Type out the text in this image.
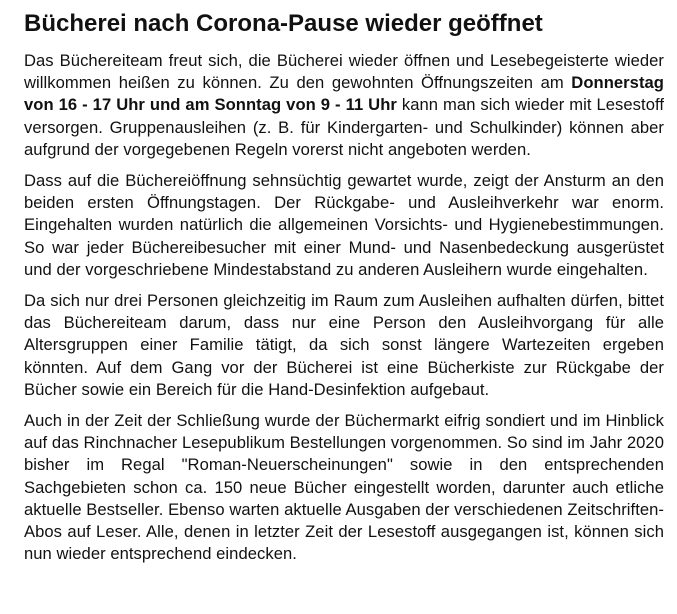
Bücherei nach Corona-Pause wieder geöffnet

Das Büchereiteam freut sich, die Bücherei wieder öffnen und Lesebegeisterte wieder willkommen heißen zu können. Zu den gewohnten Öffnungszeiten am Donnerstag von 16 - 17 Uhr und am Sonntag von 9 - 11 Uhr kann man sich wieder mit Lesestoff versorgen. Gruppenausleihen (z. B. für Kindergarten- und Schulkinder) können aber aufgrund der vorgegebenen Regeln vorerst nicht angeboten werden.

Dass auf die Büchereiöffnung sehnsüchtig gewartet wurde, zeigt der Ansturm an den beiden ersten Öffnungstagen. Der Rückgabe- und Ausleihverkehr war enorm. Eingehalten wurden natürlich die allgemeinen Vorsichts- und Hygienebestimmungen. So war jeder Büchereibesucher mit einer Mund- und Nasenbedeckung ausgerüstet und der vorgeschriebene Mindestabstand zu anderen Ausleihern wurde eingehalten.

Da sich nur drei Personen gleichzeitig im Raum zum Ausleihen aufhalten dürfen, bittet das Büchereiteam darum, dass nur eine Person den Ausleihvorgang für alle Altersgruppen einer Familie tätigt, da sich sonst längere Wartezeiten ergeben könnten. Auf dem Gang vor der Bücherei ist eine Bücherkiste zur Rückgabe der Bücher sowie ein Bereich für die Hand-Desinfektion aufgebaut.

Auch in der Zeit der Schließung wurde der Büchermarkt eifrig sondiert und im Hinblick auf das Rinchnacher Lesepublikum Bestellungen vorgenommen. So sind im Jahr 2020 bisher im Regal "Roman-Neuerscheinungen" sowie in den entsprechenden Sachgebieten schon ca. 150 neue Bücher eingestellt worden, darunter auch etliche aktuelle Bestseller. Ebenso warten aktuelle Ausgaben der verschiedenen Zeitschriften-Abos auf Leser. Alle, denen in letzter Zeit der Lesestoff ausgegangen ist, können sich nun wieder entsprechend eindecken.
